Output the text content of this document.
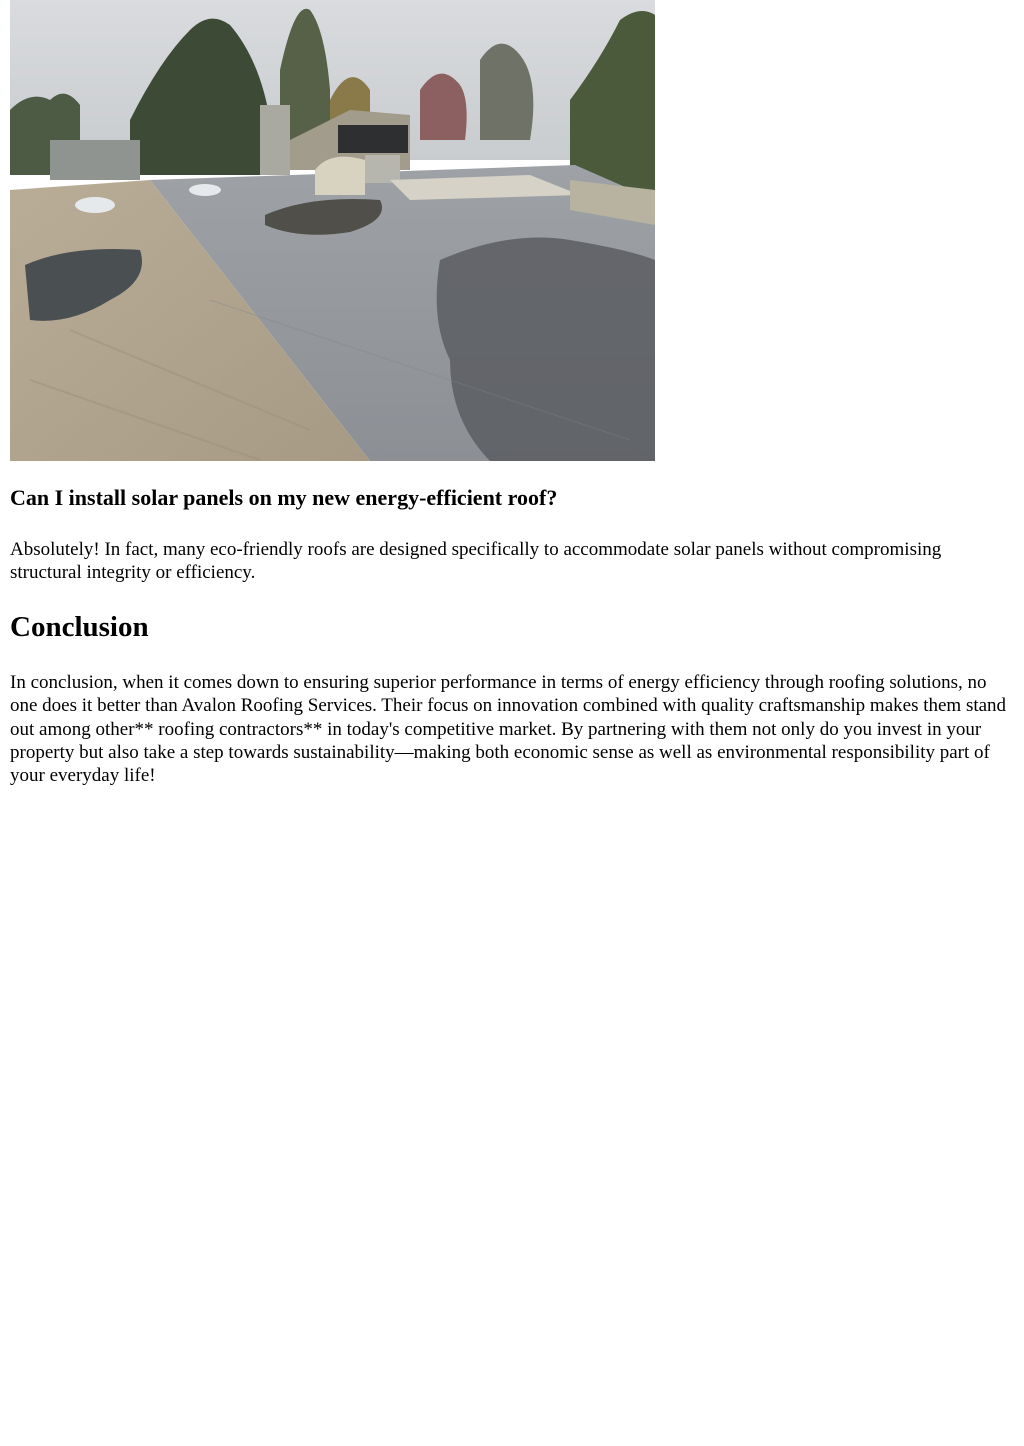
Can I install solar panels on my new energy-efficient roof?

Absolutely! In fact, many eco-friendly roofs are designed specifically to accommodate solar panels without compromising structural integrity or efficiency.

Conclusion

In conclusion, when it comes down to ensuring superior performance in terms of energy efficiency through roofing solutions, no one does it better than Avalon Roofing Services. Their focus on innovation combined with quality craftsmanship makes them stand out among other** roofing contractors** in today's competitive market. By partnering with them not only do you invest in your property but also take a step towards sustainability—making both economic sense as well as environmental responsibility part of your everyday life!
